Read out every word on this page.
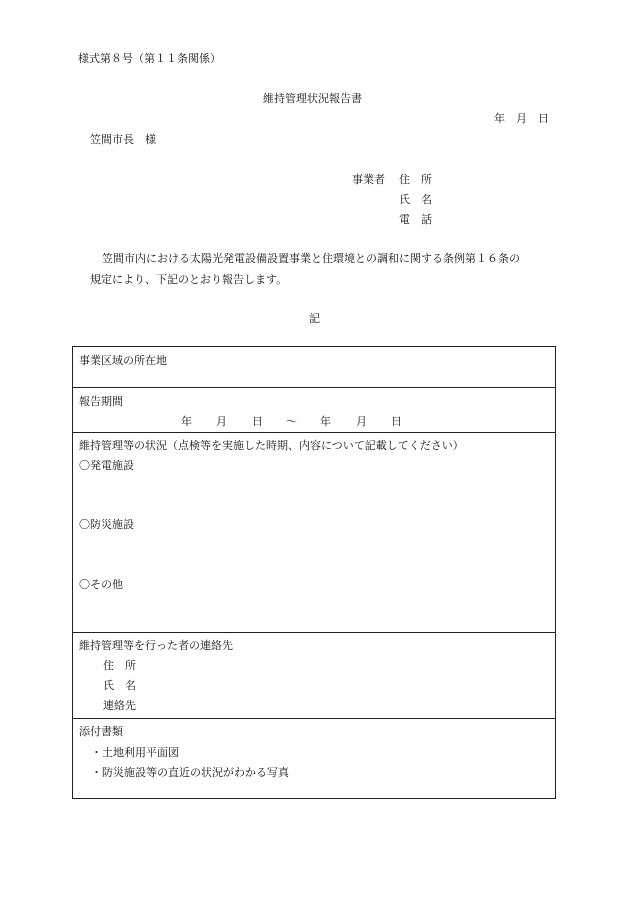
様式第８号（第１１条関係）
維持管理状況報告書
年　月　日
笠間市長　様
事業者 住　所
氏　名
電　話
笠間市内における太陽光発電設備設置事業と住環境との調和に関する条例第１６条の
規定により、下記のとおり報告します。
記
事業区域の所在地
報告期間
年 月 日 ～ 年 月 日
維持管理等の状況（点検等を実施した時期、内容について記載してください）
〇発電施設
〇防災施設
〇その他
維持管理等を行った者の連絡先
住　所
氏　名
連絡先
添付書類
・土地利用平面図
・防災施設等の直近の状況がわかる写真
